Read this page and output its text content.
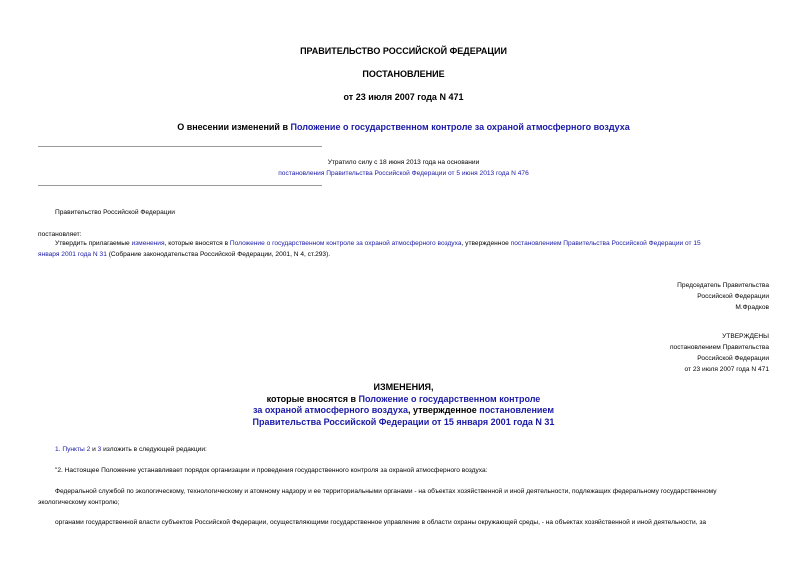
ПРАВИТЕЛЬСТВО РОССИЙСКОЙ ФЕДЕРАЦИИ
ПОСТАНОВЛЕНИЕ
от 23 июля 2007 года N 471
О внесении изменений в Положение о государственном контроле за охраной атмосферного воздуха
Утратило силу с 18 июня 2013 года на основании
постановления Правительства Российской Федерации от 5 июня 2013 года N 476
Правительство Российской Федерации
постановляет:
Утвердить прилагаемые изменения, которые вносятся в Положение о государственном контроле за охраной атмосферного воздуха, утвержденное постановлением Правительства Российской Федерации от 15
января 2001 года N 31 (Собрание законодательства Российской Федерации, 2001, N 4, ст.293).
Председатель Правительства
Российской Федерации
М.Фрадков
УТВЕРЖДЕНЫ
постановлением Правительства
Российской Федерации
от 23 июля 2007 года N 471
ИЗМЕНЕНИЯ,
которые вносятся в Положение о государственном контроле
за охраной атмосферного воздуха, утвержденное постановлением
Правительства Российской Федерации от 15 января 2001 года N 31
1. Пункты 2 и 3 изложить в следующей редакции:
"2. Настоящее Положение устанавливает порядок организации и проведения государственного контроля за охраной атмосферного воздуха:
Федеральной службой по экологическому, технологическому и атомному надзору и ее территориальными органами - на объектах хозяйственной и иной деятельности, подлежащих федеральному государственному
экологическому контролю;
органами государственной власти субъектов Российской Федерации, осуществляющими государственное управление в области охраны окружающей среды, - на объектах хозяйственной и иной деятельности, за
